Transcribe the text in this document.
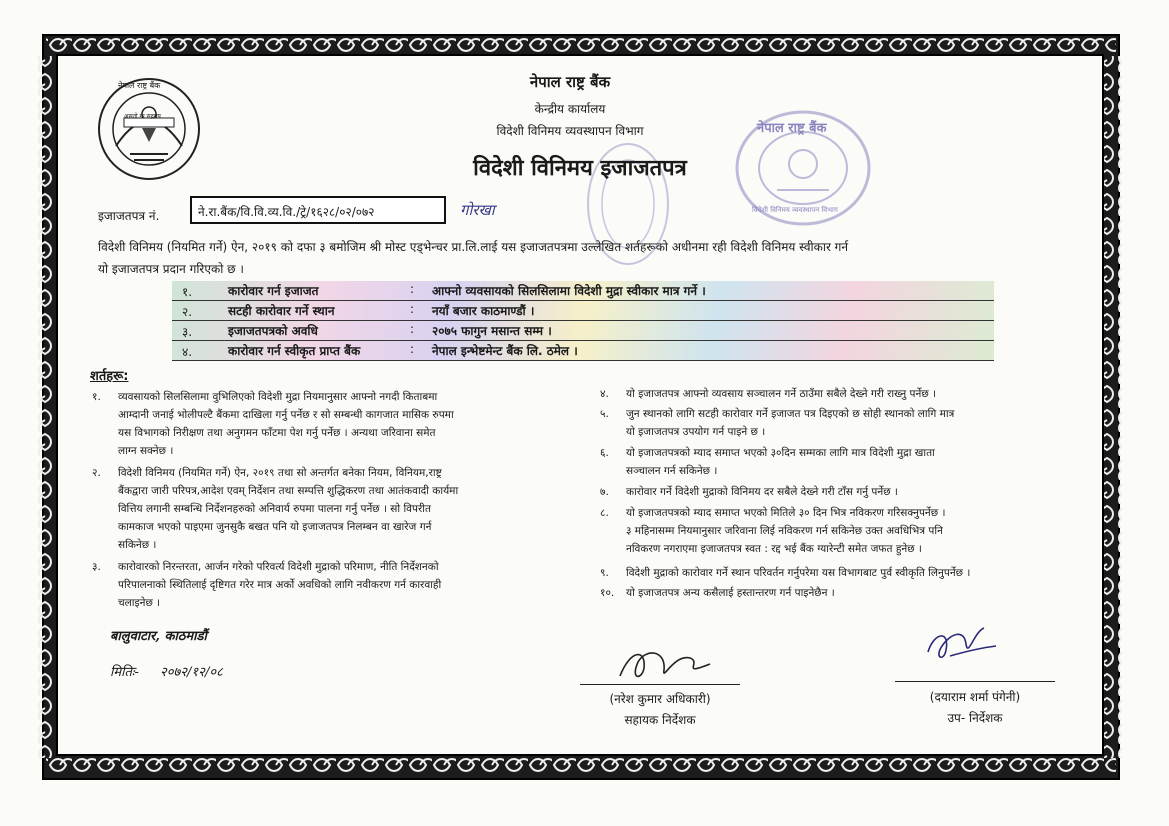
नेपाल राष्ट्र बैंक
असतो मा सद्गमय
नेपाल राष्ट्र बैंक
विदेशी विनिमय व्यवस्थापन विभाग
नेपाल राष्ट्र बैंक
केन्द्रीय कार्यालय
विदेशी विनिमय व्यवस्थापन विभाग
विदेशी विनिमय इजाजतपत्र
इजाजतपत्र नं.	ने.रा.बैंक/वि.वि.व्य.वि./ट्रे/१६२८/०२/०७२	गोरखा
विदेशी विनिमय (नियमित गर्ने) ऐन, २०१९ को दफा ३ बमोजिम श्री मोस्ट एड्भेन्चर प्रा.लि.लाई यस इजाजतपत्रमा उल्लेखित शर्तहरूको अधीनमा रही विदेशी विनिमय स्वीकार गर्न
यो इजाजतपत्र प्रदान गरिएको छ ।
१.	कारोवार गर्न इजाजत	: आफ्नो व्यवसायको सिलसिलामा विदेशी मुद्रा स्वीकार मात्र गर्ने ।
२.	सटही कारोवार गर्ने स्थान	: नयाँ बजार काठमाण्डौं ।
३.	इजाजतपत्रको अवधि	: २०७५ फागुन मसान्त सम्म ।
४.	कारोवार गर्न स्वीकृत प्राप्त बैंक	: नेपाल इन्भेष्टमेन्ट बैंक लि. ठमेल ।
शर्तहरू:
१.	व्यवसायको सिलसिलामा वुभिलिएको विदेशी मुद्रा नियमानुसार आफ्नो नगदी किताबमा
आम्दानी जनाई भोलीपल्टै बैंकमा दाखिला गर्नु पर्नेछ र सो सम्बन्धी कागजात मासिक रुपमा
यस विभागको निरीक्षण तथा अनुगमन फाँटमा पेश गर्नु पर्नेछ । अन्यथा जरिवाना समेत
लाग्न सक्नेछ ।
२.	विदेशी विनिमय (नियमित गर्ने) ऐन, २०१९ तथा सो अन्तर्गत बनेका नियम, विनियम,राष्ट्र
बैंकद्वारा जारी परिपत्र,आदेश एवम् निर्देशन तथा सम्पत्ति शुद्धिकरण तथा आतंकवादी कार्यमा
वित्तिय लगानी सम्बन्धि निर्देशनहरुको अनिवार्य रुपमा पालना गर्नु पर्नेछ । सो विपरीत
कामकाज भएको पाइएमा जुनसुकै बखत पनि यो इजाजतपत्र निलम्बन वा खारेज गर्न
सकिनेछ ।
३.	कारोवारको निरन्तरता, आर्जन गरेको परिवर्त्य विदेशी मुद्राको परिमाण, नीति निर्देशनको
परिपालनाको स्थितिलाई दृष्टिगत गरेर मात्र अर्को अवधिको लागि नवीकरण गर्न कारवाही
चलाइनेछ ।
४.	यो इजाजतपत्र आफ्नो व्यवसाय सञ्चालन गर्ने ठाउँमा सबैले देख्ने गरी राख्नु पर्नेछ ।
५.	जुन स्थानको लागि सटही कारोवार गर्ने इजाजत पत्र दिइएको छ सोही स्थानको लागि मात्र
यो इजाजतपत्र उपयोग गर्न पाइने छ ।
६.	यो इजाजतपत्रको म्याद समाप्त भएको ३०दिन सम्मका लागि मात्र विदेशी मुद्रा खाता
सञ्चालन गर्न सकिनेछ ।
७.	कारोवार गर्ने विदेशी मुद्राको विनिमय दर सबैले देख्ने गरी टाँस गर्नु पर्नेछ ।
८.	यो इजाजतपत्रको म्याद समाप्त भएको मितिले ३० दिन भित्र नविकरण गरिसक्नुपर्नेछ ।
३ महिनासम्म नियमानुसार जरिवाना लिई नविकरण गर्न सकिनेछ उक्त अवधिभित्र पनि
नविकरण नगराएमा इजाजतपत्र स्वत : रद्द भई बैंक ग्यारेन्टी समेत जफत हुनेछ ।
९.	विदेशी मुद्राको कारोवार गर्ने स्थान परिवर्तन गर्नुपरेमा यस विभागबाट पुर्व स्वीकृति लिनुपर्नेछ ।
१०.	यो इजाजतपत्र अन्य कसैलाई हस्तान्तरण गर्न पाइनेछैन ।
बालुवाटार, काठमाडौं
मितिः- २०७२/१२/०८
(नरेश कुमार अधिकारी)
सहायक निर्देशक
(दयाराम शर्मा पंगेनी)
उप- निर्देशक
